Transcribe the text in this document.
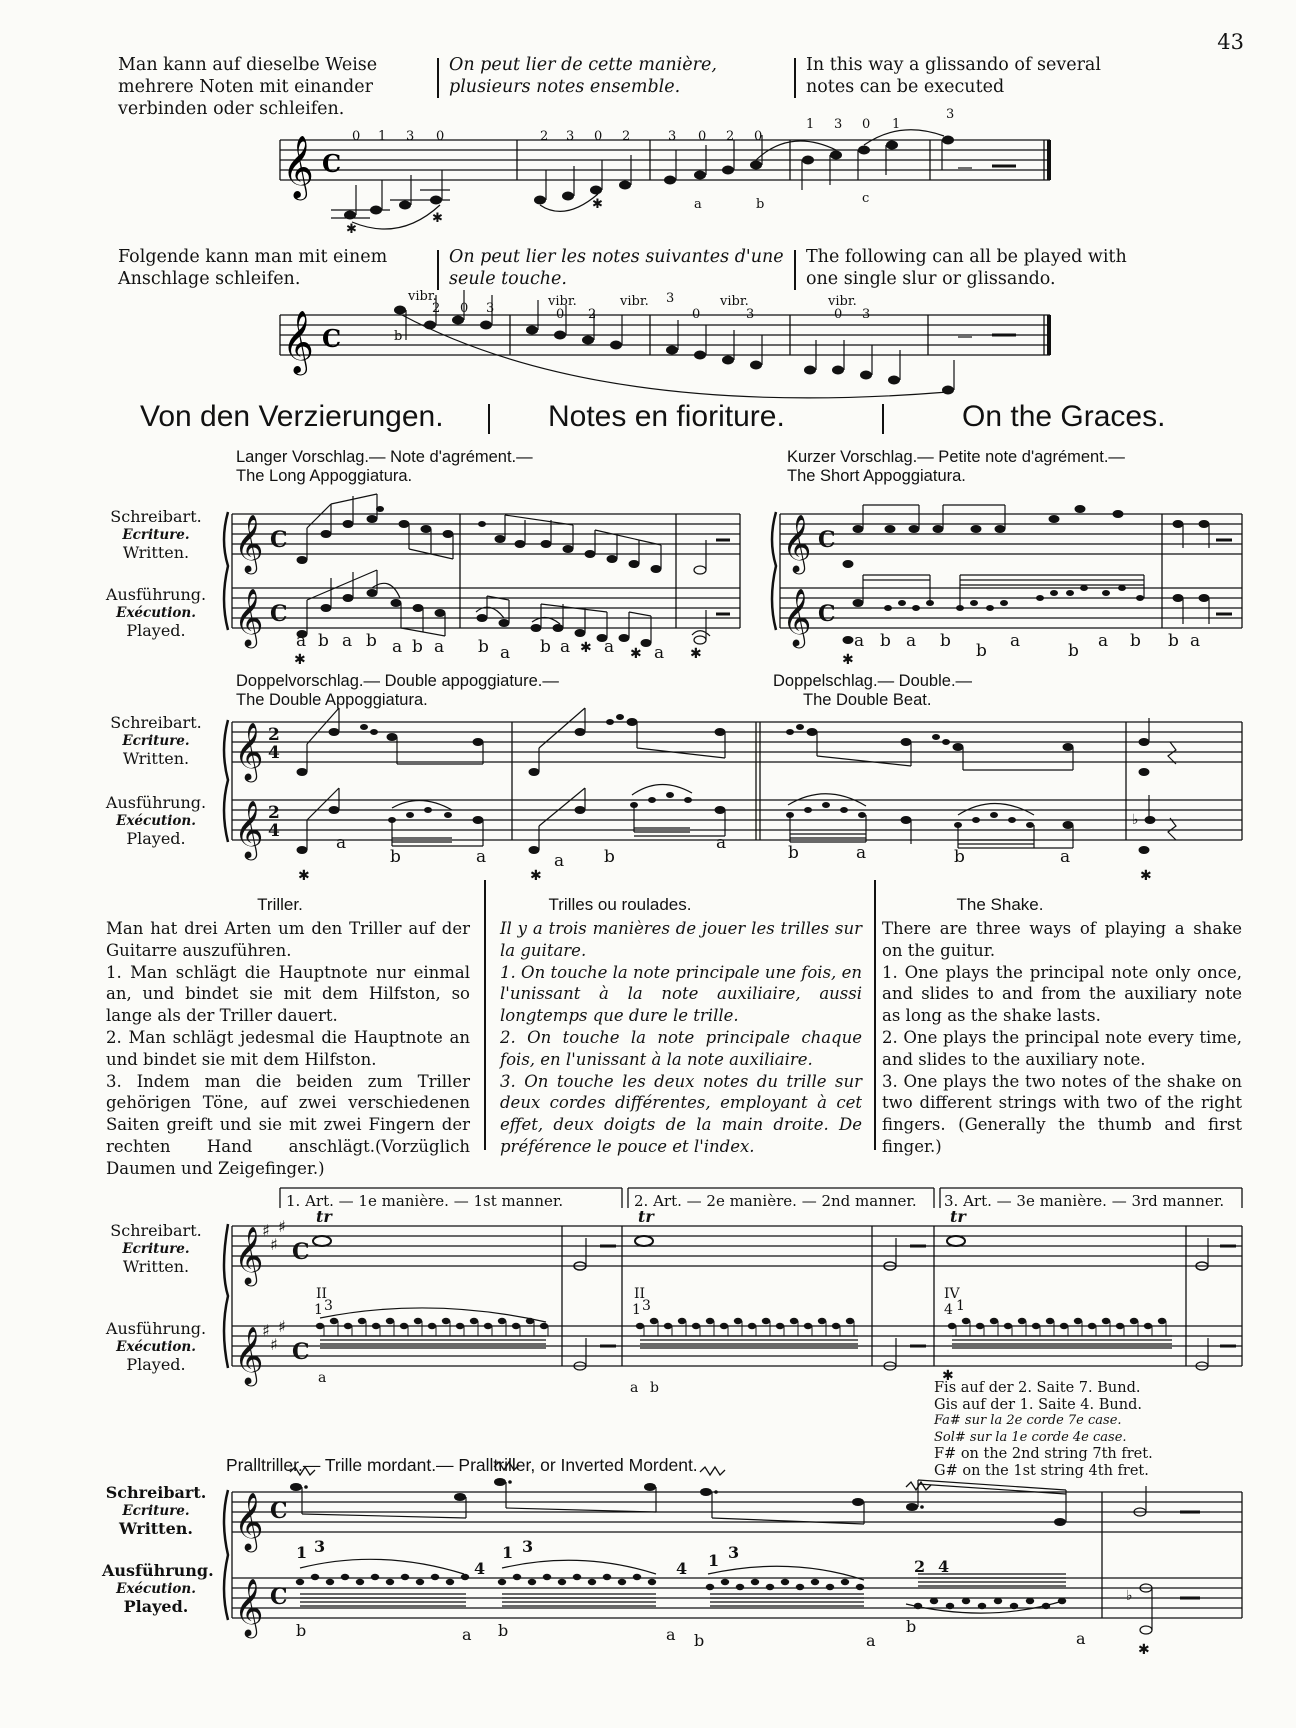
43
Man kann auf dieselbe Weise mehrere Noten mit einander verbinden oder schleifen.
On peut lier de cette manière, plusieurs notes ensemble.
In this way a glissando of several notes can be executed
𝄞 C
0 1 3 0	2 3 0 2	3 0 2 0
1 3 0 1
3
a	b	c
✱
✱
✱
𝄞 C
vibr.
2 0 3	vibr.
0 2
vibr. 3
0
vibr.
3
vibr.
0 3
b
Folgende kann man mit einem Anschlage schleifen.
On peut lier les notes suivantes d'une seule touche.
The following can all be played with one single slur or glissando.
Von den Verzierungen.	Notes en fioriture.	On the Graces.
Langer Vorschlag.— Note d'agrément.—
The Long Appoggiatura.
Kurzer Vorschlag.— Petite note d'agrément.—
The Short Appoggiatura.
Schreibart.
Ecriture.
Written.
Ausführung.
Exécution.
Played.
𝄞
𝄞
𝄞
𝄞
C
C
C
C
a b a b a b a b a b a a a
✱
✱	✱	✱
a b a b b a	b a b b a
✱
Doppelvorschlag.— Double appoggiature.—
The Double Appoggiatura.
Doppelschlag.— Double.—
The Double Beat.
Schreibart.
Ecriture.
Written.
Ausführung.
Exécution.
Played.
𝄞
𝄞
2
4
2
4
✱
a
b	a
✱
a b
a	b	a	b	a
✱
♭
Triller.	Trilles ou roulades.	The Shake.
Man hat drei Arten um den Triller auf der Guitarre auszuführen.
1. Man schlägt die Hauptnote nur einmal an, und bindet sie mit dem Hilfston, so lange als der Triller dauert.
2. Man schlägt jedesmal die Hauptnote an und bindet sie mit dem Hilfston.
3. Indem man die beiden zum Triller gehörigen Töne, auf zwei verschiedenen Saiten greift und sie mit zwei Fingern der rechten Hand anschlägt.(Vorzüglich Daumen und Zeigefinger.)
Il y a trois manières de jouer les trilles sur la guitare.
1. On touche la note principale une fois, en l'unissant à la note auxiliaire, aussi longtemps que dure le trille.
2. On touche la note principale chaque fois, en l'unissant à la note auxiliaire.
3. On touche les deux notes du trille sur deux cordes différentes, employant à cet effet, deux doigts de la main droite. De préférence le pouce et l'index.
There are three ways of playing a shake on the guitur.
1. One plays the principal note only once, and slides to and from the auxiliary note as long as the shake lasts.
2. One plays the principal note every time, and slides to the auxiliary note.
3. One plays the two notes of the shake on two different strings with two of the right fingers. (Generally the thumb and first finger.)
1. Art. — 1e manière. — 1st manner.	2. Art. — 2e manière. — 2nd manner. 3. Art. — 3e manière. — 3rd manner.
Schreibart.
Ecriture.
Written.
Ausführung.
Exécution.
Played.
𝄞
𝄞
♯
♯
♯
♯
♯
♯
C
C
tr	tr	tr
II
1 3
II
1 3
IV
4 1
a
a b
✱
Fis auf der 2. Saite 7. Bund.
Gis auf der 1. Saite 4. Bund.
Fa# sur la 2e corde 7e case.
Sol# sur la 1e corde 4e case.
F# on the 2nd string 7th fret.
G# on the 1st string 4th fret.
Pralltriller.— Trille mordant.— Pralltriller, or Inverted Mordent.
Schreibart.
Ecriture.
Written.
Ausführung.
Exécution.
Played.
𝄞
𝄞
C
C
1 3
4
1 3
4 1 3
2 4
b	a b	a b	a
b
a
✱
♭
